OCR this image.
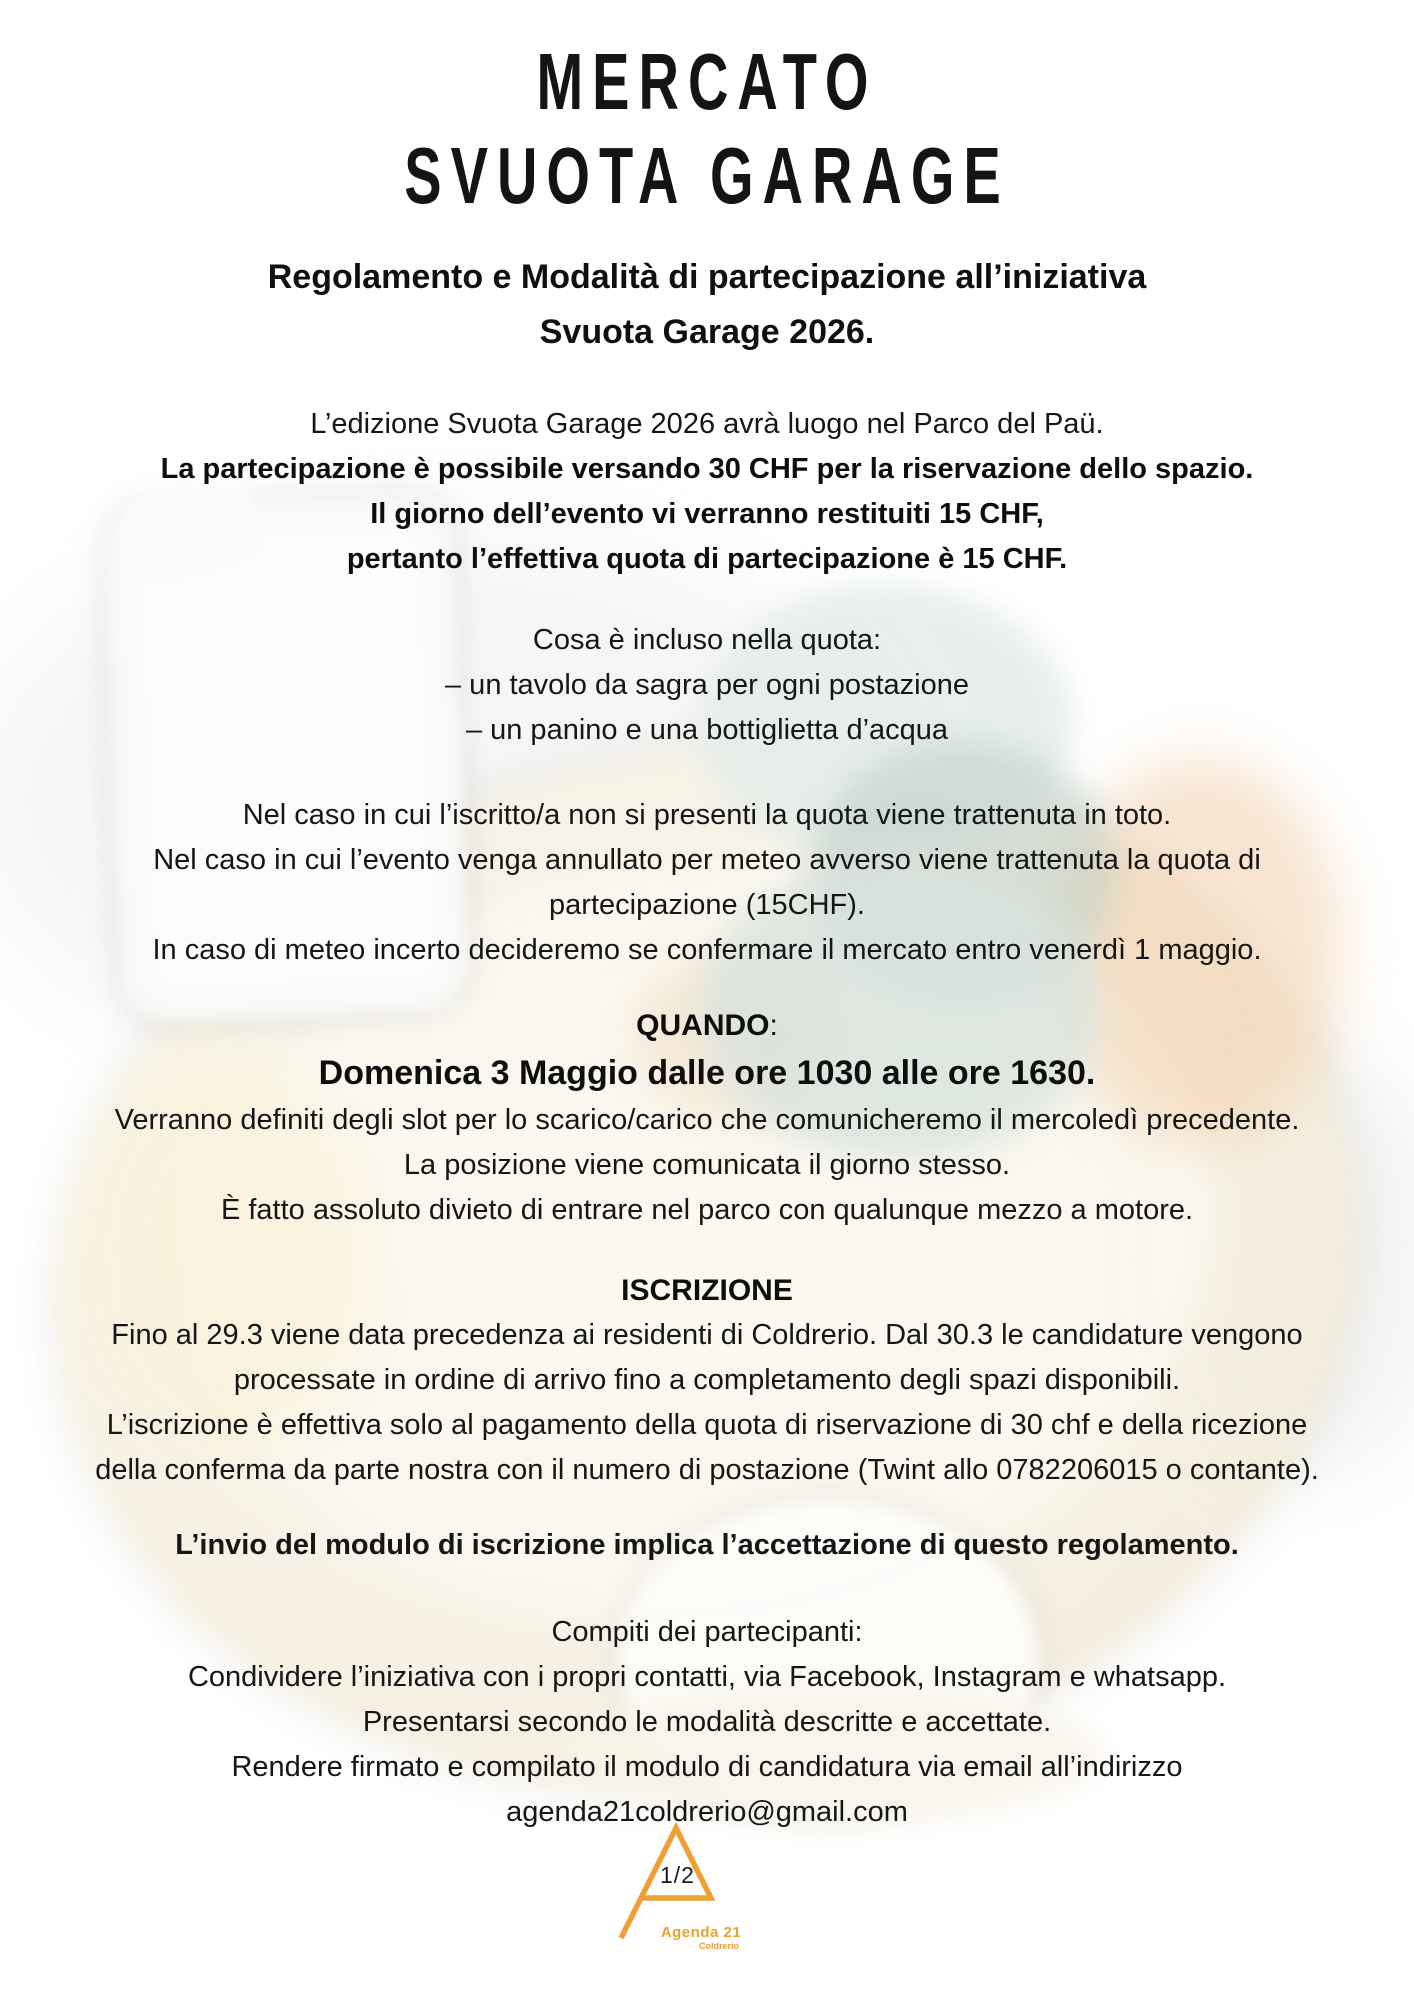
MERCATO
SVUOTA GARAGE
Regolamento e Modalità di partecipazione all’iniziativa
Svuota Garage 2026.
L’edizione Svuota Garage 2026 avrà luogo nel Parco del Paü.
La partecipazione è possibile versando 30 CHF per la riservazione dello spazio.
Il giorno dell’evento vi verranno restituiti 15 CHF,
pertanto l’effettiva quota di partecipazione è 15 CHF.
Cosa è incluso nella quota:
– un tavolo da sagra per ogni postazione
– un panino e una bottiglietta d’acqua
Nel caso in cui l’iscritto/a non si presenti la quota viene trattenuta in toto.
Nel caso in cui l’evento venga annullato per meteo avverso viene trattenuta la quota di
partecipazione (15CHF).
In caso di meteo incerto decideremo se confermare il mercato entro venerdì 1 maggio.
QUANDO:
Domenica 3 Maggio dalle ore 1030 alle ore 1630.
Verranno definiti degli slot per lo scarico/carico che comunicheremo il mercoledì precedente.
La posizione viene comunicata il giorno stesso.
È fatto assoluto divieto di entrare nel parco con qualunque mezzo a motore.
ISCRIZIONE
Fino al 29.3 viene data precedenza ai residenti di Coldrerio. Dal 30.3 le candidature vengono
processate in ordine di arrivo fino a completamento degli spazi disponibili.
L’iscrizione è effettiva solo al pagamento della quota di riservazione di 30 chf e della ricezione
della conferma da parte nostra con il numero di postazione (Twint allo 0782206015 o contante).
L’invio del modulo di iscrizione implica l’accettazione di questo regolamento.
Compiti dei partecipanti:
Condividere l’iniziativa con i propri contatti, via Facebook, Instagram e whatsapp.
Presentarsi secondo le modalità descritte e accettate.
Rendere firmato e compilato il modulo di candidatura via email all’indirizzo
agenda21coldrerio@gmail.com
1/2
Agenda 21
Coldrerio
